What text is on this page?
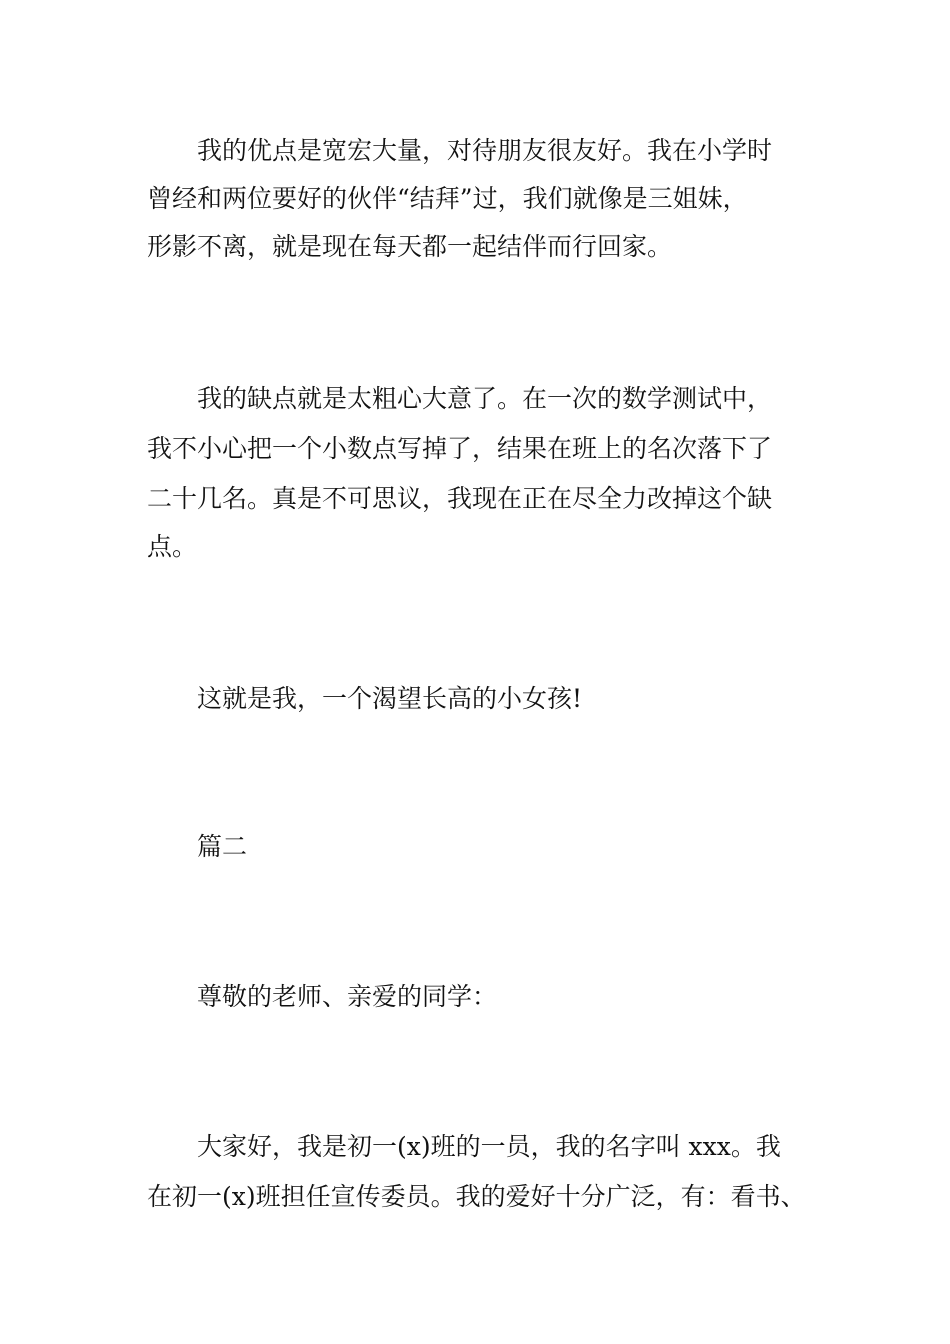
我的优点是宽宏大量，对待朋友很友好。我在小学时
曾经和两位要好的伙伴“结拜”过，我们就像是三姐妹，
形影不离，就是现在每天都一起结伴而行回家。
我的缺点就是太粗心大意了。在一次的数学测试中，
我不小心把一个小数点写掉了，结果在班上的名次落下了
二十几名。真是不可思议，我现在正在尽全力改掉这个缺
点。
这就是我，一个渴望长高的小女孩!
篇二
尊敬的老师、亲爱的同学：
大家好，我是初一(x)班的一员，我的名字叫 xxx。我
在初一(x)班担任宣传委员。我的爱好十分广泛，有：看书、
